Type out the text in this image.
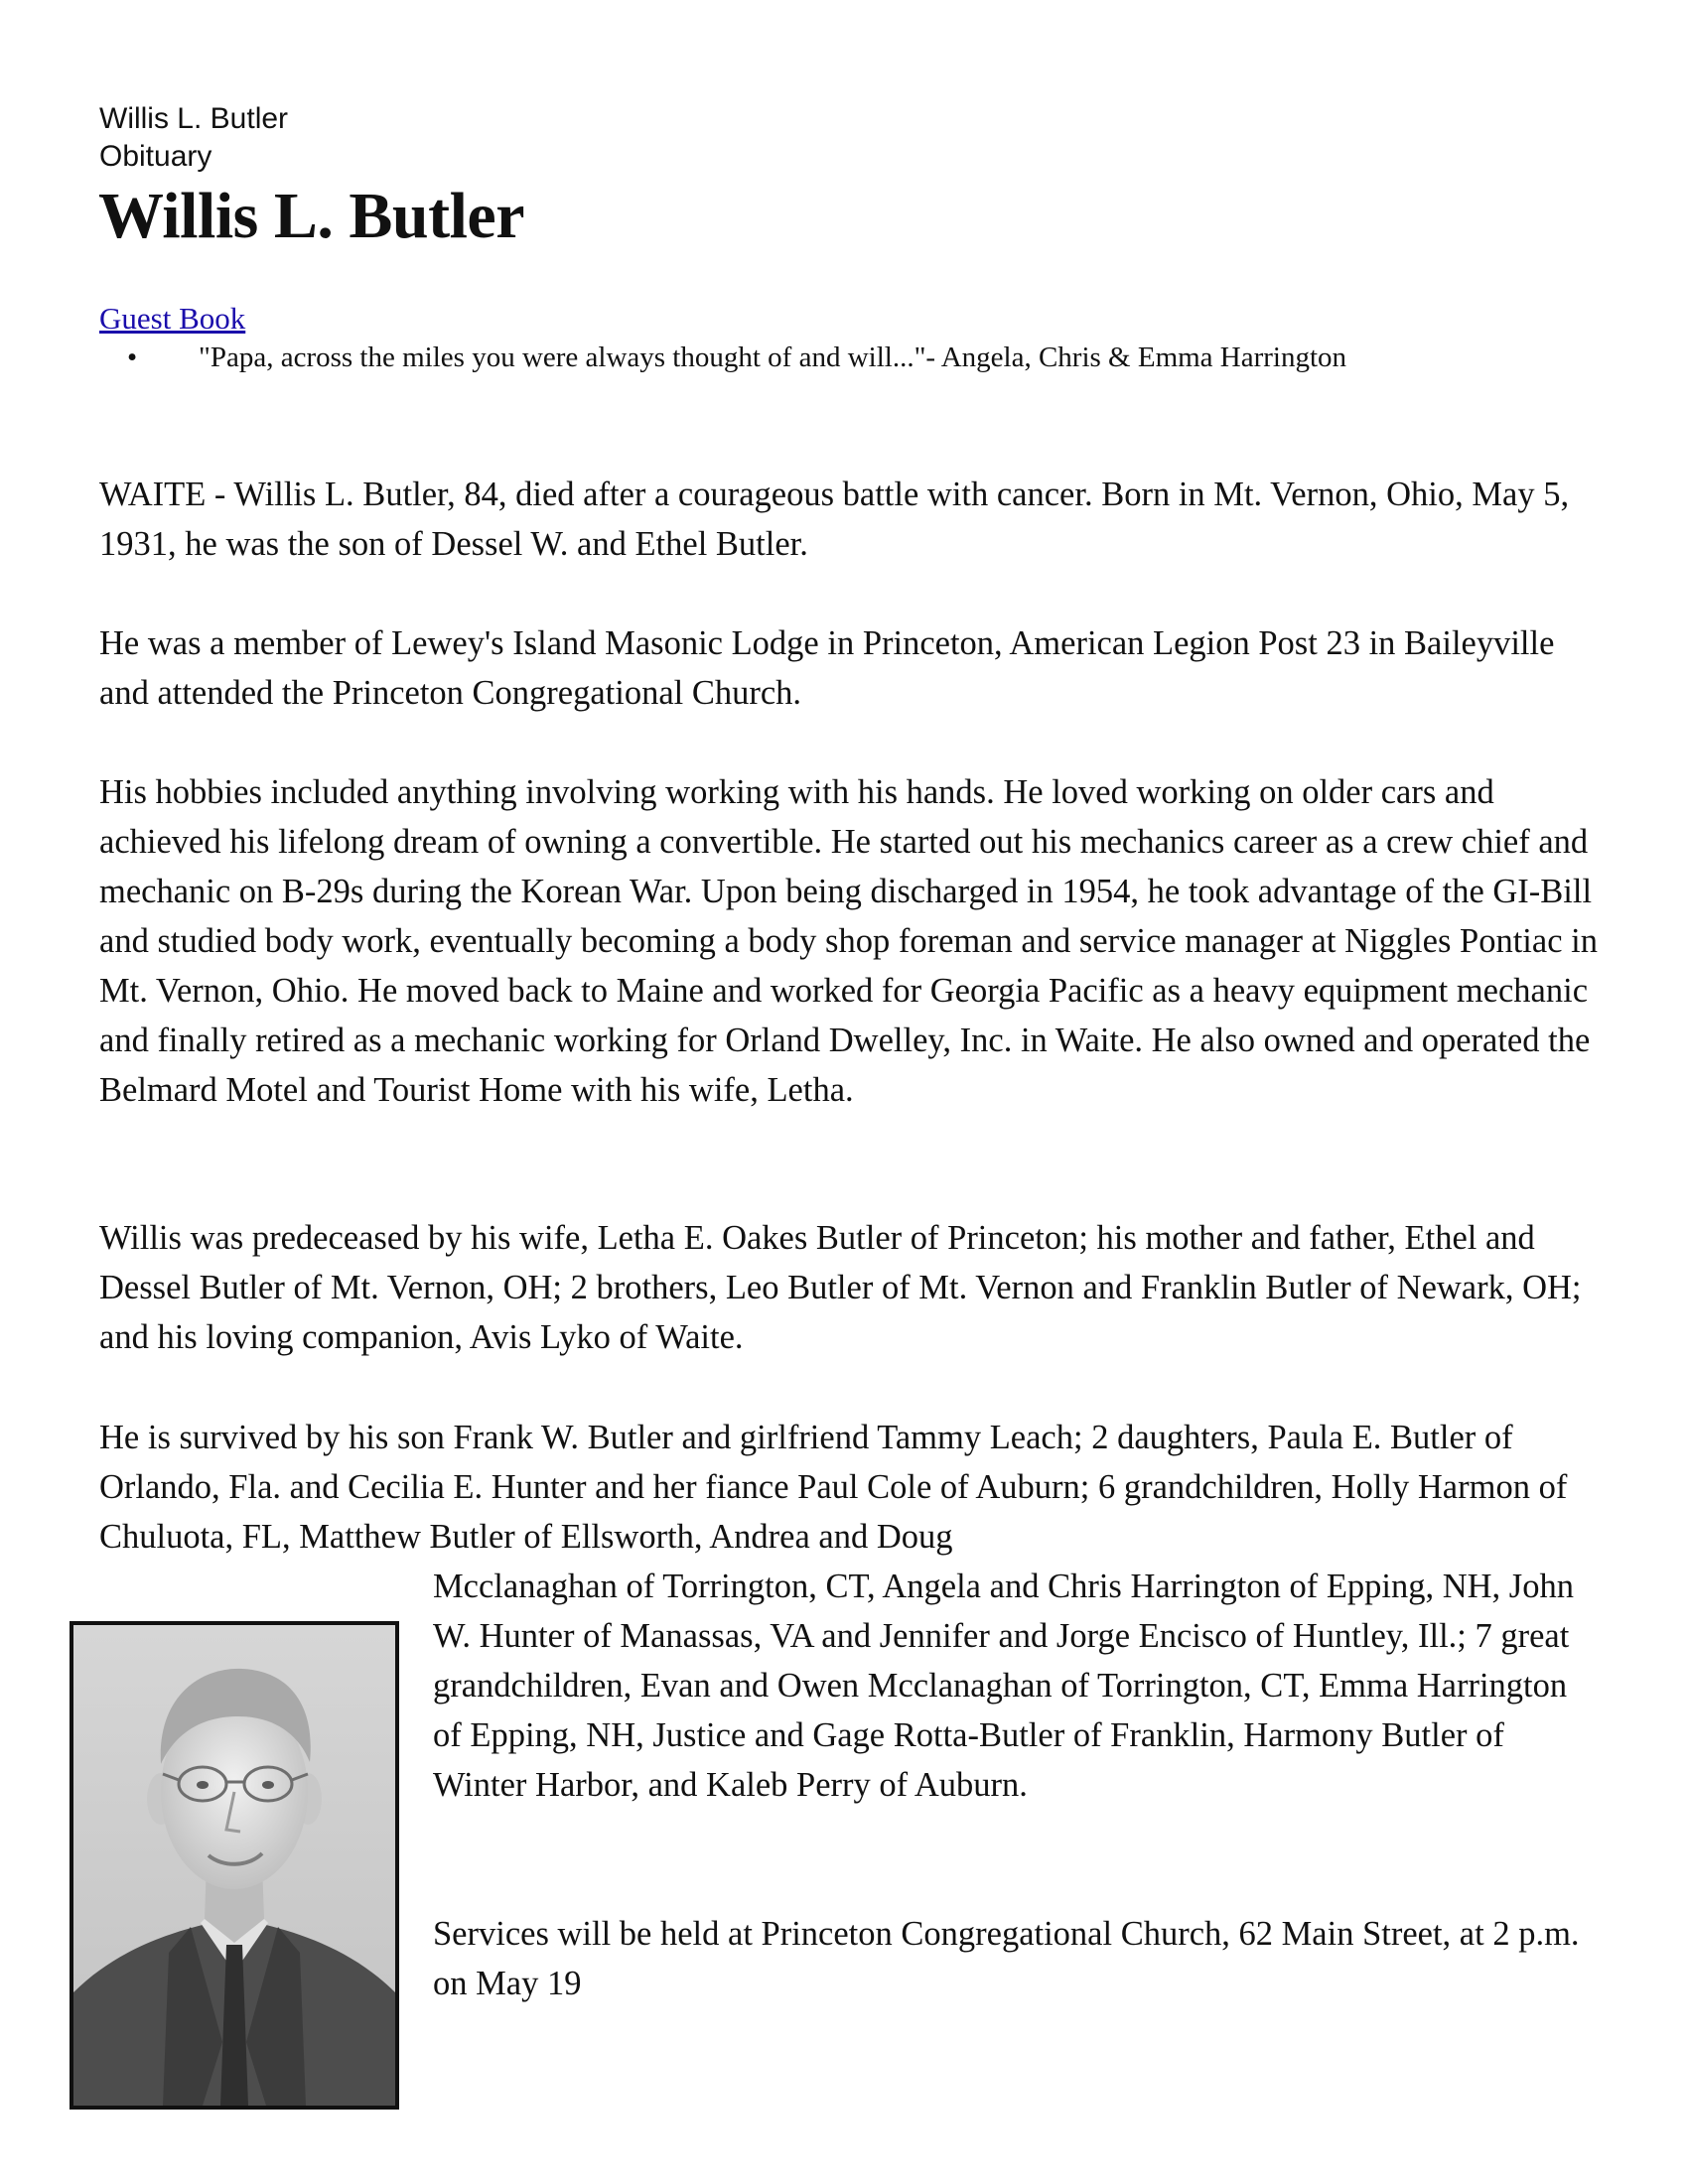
Willis L. Butler
Obituary
Willis L. Butler
Guest Book
• "Papa, across the miles you were always thought of and will..."- Angela, Chris & Emma Harrington

WAITE - Willis L. Butler, 84, died after a courageous battle with cancer. Born in Mt. Vernon, Ohio, May 5, 1931, he was the son of Dessel W. and Ethel Butler.

He was a member of Lewey's Island Masonic Lodge in Princeton, American Legion Post 23 in Baileyville and attended the Princeton Congregational Church.

His hobbies included anything involving working with his hands. He loved working on older cars and achieved his lifelong dream of owning a convertible. He started out his mechanics career as a crew chief and mechanic on B-29s during the Korean War. Upon being discharged in 1954, he took advantage of the GI-Bill and studied body work, eventually becoming a body shop foreman and service manager at Niggles Pontiac in Mt. Vernon, Ohio. He moved back to Maine and worked for Georgia Pacific as a heavy equipment mechanic and finally retired as a mechanic working for Orland Dwelley, Inc. in Waite. He also owned and operated the Belmard Motel and Tourist Home with his wife, Letha.

Willis was predeceased by his wife, Letha E. Oakes Butler of Princeton; his mother and father, Ethel and Dessel Butler of Mt. Vernon, OH; 2 brothers, Leo Butler of Mt. Vernon and Franklin Butler of Newark, OH; and his loving companion, Avis Lyko of Waite.

He is survived by his son Frank W. Butler and girlfriend Tammy Leach; 2 daughters, Paula E. Butler of Orlando, Fla. and Cecilia E. Hunter and her fiance Paul Cole of Auburn; 6 grandchildren, Holly Harmon of Chuluota, FL, Matthew Butler of Ellsworth, Andrea and Doug

Mcclanaghan of Torrington, CT, Angela and Chris Harrington of Epping, NH, John W. Hunter of Manassas, VA and Jennifer and Jorge Encisco of Huntley, Ill.; 7 great grandchildren, Evan and Owen Mcclanaghan of Torrington, CT, Emma Harrington of Epping, NH, Justice and Gage Rotta-Butler of Franklin, Harmony Butler of Winter Harbor, and Kaleb Perry of Auburn.

Services will be held at Princeton Congregational Church, 62 Main Street, at 2 p.m. on May 19
